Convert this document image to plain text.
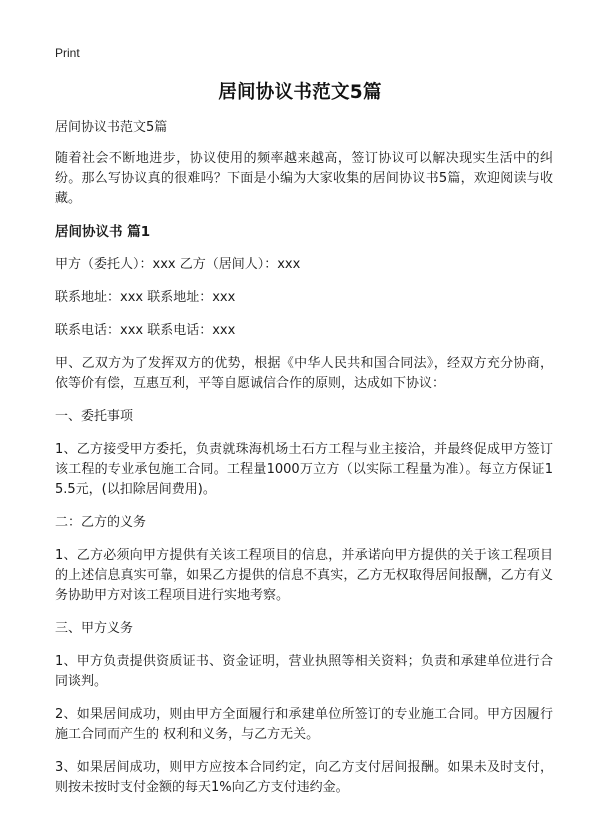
Print
居间协议书范文5篇

居间协议书范文5篇

随着社会不断地进步，协议使用的频率越来越高，签订协议可以解决现实生活中的纠纷。那么写协议真的很难吗？下面是小编为大家收集的居间协议书5篇，欢迎阅读与收藏。

居间协议书 篇1

甲方（委托人）：xxx 乙方（居间人）：xxx

联系地址：xxx 联系地址：xxx

联系电话：xxx 联系电话：xxx

甲、乙双方为了发挥双方的优势，根据《中华人民共和国合同法》，经双方充分协商，依等价有偿，互惠互利，平等自愿诚信合作的原则，达成如下协议：

一、委托事项

1、乙方接受甲方委托，负责就珠海机场土石方工程与业主接洽，并最终促成甲方签订该工程的专业承包施工合同。工程量1000万立方（以实际工程量为准）。每立方保证15.5元，(以扣除居间费用)。

二：乙方的义务

1、乙方必须向甲方提供有关该工程项目的信息，并承诺向甲方提供的关于该工程项目的上述信息真实可靠，如果乙方提供的信息不真实，乙方无权取得居间报酬，乙方有义务协助甲方对该工程项目进行实地考察。

三、甲方义务

1、甲方负责提供资质证书、资金证明，营业执照等相关资料；负责和承建单位进行合同谈判。

2、如果居间成功，则由甲方全面履行和承建单位所签订的专业施工合同。甲方因履行施工合同而产生的 权利和义务，与乙方无关。

3、如果居间成功，则甲方应按本合同约定，向乙方支付居间报酬。如果未及时支付，则按未按时支付金额的每天1%向乙方支付违约金。
